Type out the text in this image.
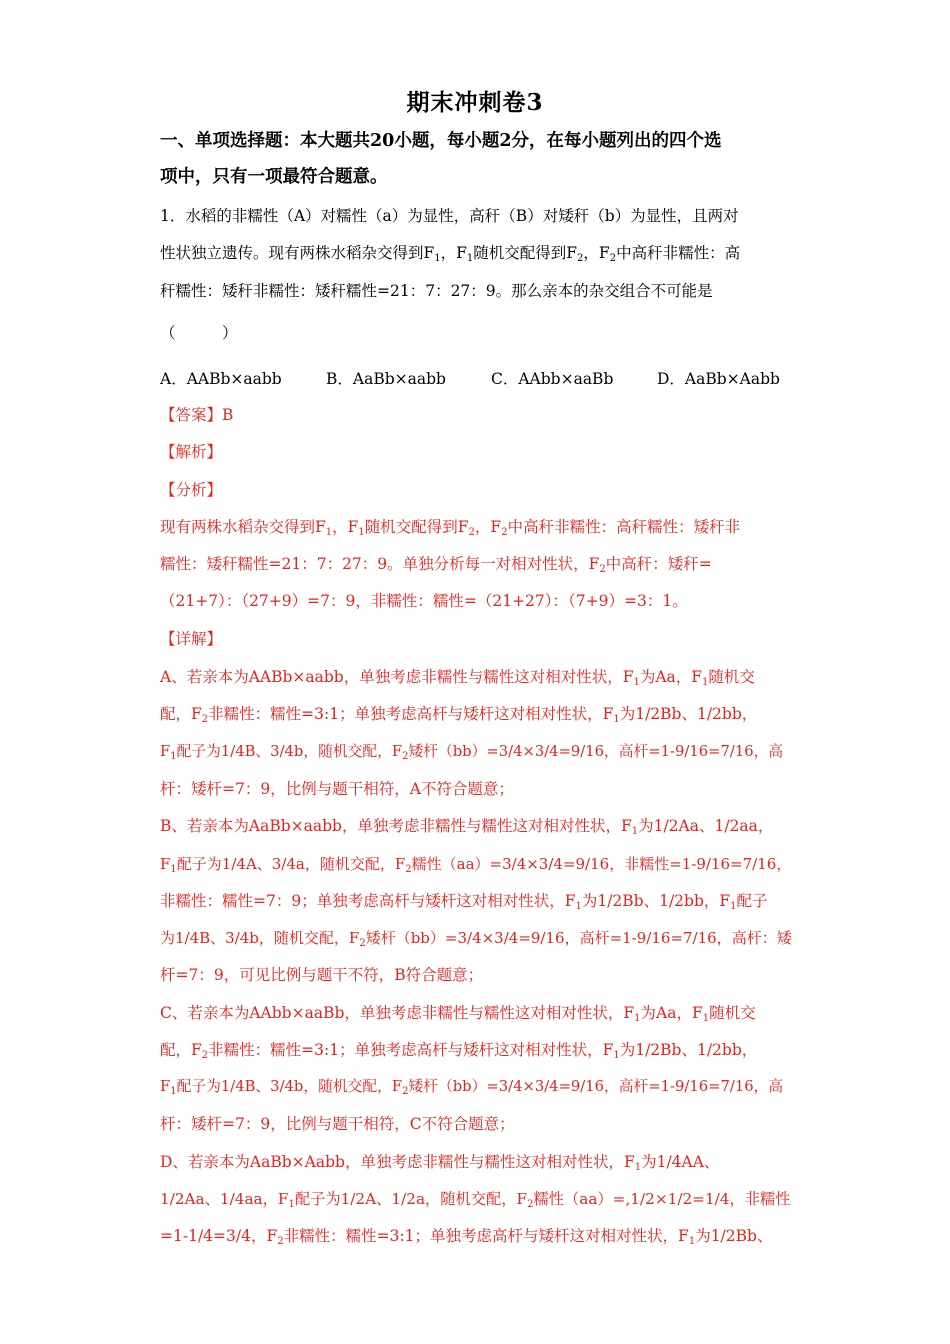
期末冲刺卷3
一、单项选择题：本大题共20小题，每小题2分，在每小题列出的四个选
项中，只有一项最符合题意。
1．水稻的非糯性（A）对糯性（a）为显性，高秆（B）对矮秆（b）为显性，且两对
性状独立遗传。现有两株水稻杂交得到$F_1$，$F_1$随机交配得到$F_2$，$F_2$中高秆非糯性：高
秆糯性：矮秆非糯性：矮秆糯性=21：7：27：9。那么亲本的杂交组合不可能是
（　　　）
A．AABb×aabb	B．AaBb×aabb	C．AAbb×aaBb	D．AaBb×Aabb
【答案】B
【解析】
【分析】
现有两株水稻杂交得到$F_1$，$F_1$随机交配得到$F_2$，$F_2$中高秆非糯性：高秆糯性：矮秆非
糯性：矮秆糯性=21：7：27：9。单独分析每一对相对性状，$F_2$中高秆：矮秆=
（21+7）：（27+9）=7：9，非糯性：糯性=（21+27）：（7+9）=3：1。
【详解】
A、若亲本为AABb×aabb，单独考虑非糯性与糯性这对相对性状，$F_1$为Aa，$F_1$随机交
配，$F_2$非糯性：糯性=3:1；单独考虑高杆与矮杆这对相对性状，$F_1$为1/2Bb、1/2bb，
$F_1$配子为1/4B、3/4b，随机交配，$F_2$矮杆（bb）=3/4×3/4=9/16，高杆=1-9/16=7/16，高
杆：矮杆=7：9，比例与题干相符，A不符合题意；
B、若亲本为AaBb×aabb，单独考虑非糯性与糯性这对相对性状，$F_1$为1/2Aa、1/2aa，
$F_1$配子为1/4A、3/4a，随机交配，$F_2$糯性（aa）=3/4×3/4=9/16，非糯性=1-9/16=7/16，
非糯性：糯性=7：9；单独考虑高杆与矮杆这对相对性状，$F_1$为1/2Bb、1/2bb，$F_1$配子
为1/4B、3/4b，随机交配，$F_2$矮杆（bb）=3/4×3/4=9/16，高杆=1-9/16=7/16，高杆：矮
杆=7：9，可见比例与题干不符，B符合题意；
C、若亲本为AAbb×aaBb，单独考虑非糯性与糯性这对相对性状，$F_1$为Aa，$F_1$随机交
配，$F_2$非糯性：糯性=3:1；单独考虑高杆与矮杆这对相对性状，$F_1$为1/2Bb、1/2bb，
$F_1$配子为1/4B、3/4b，随机交配，$F_2$矮杆（bb）=3/4×3/4=9/16，高杆=1-9/16=7/16，高
杆：矮杆=7：9，比例与题干相符，C不符合题意；
D、若亲本为AaBb×Aabb，单独考虑非糯性与糯性这对相对性状，$F_1$为1/4AA、
1/2Aa、1/4aa，$F_1$配子为1/2A、1/2a，随机交配，$F_2$糯性（aa）=,1/2×1/2=1/4，非糯性
=1-1/4=3/4，$F_2$非糯性：糯性=3:1；单独考虑高杆与矮杆这对相对性状，$F_1$为1/2Bb、
